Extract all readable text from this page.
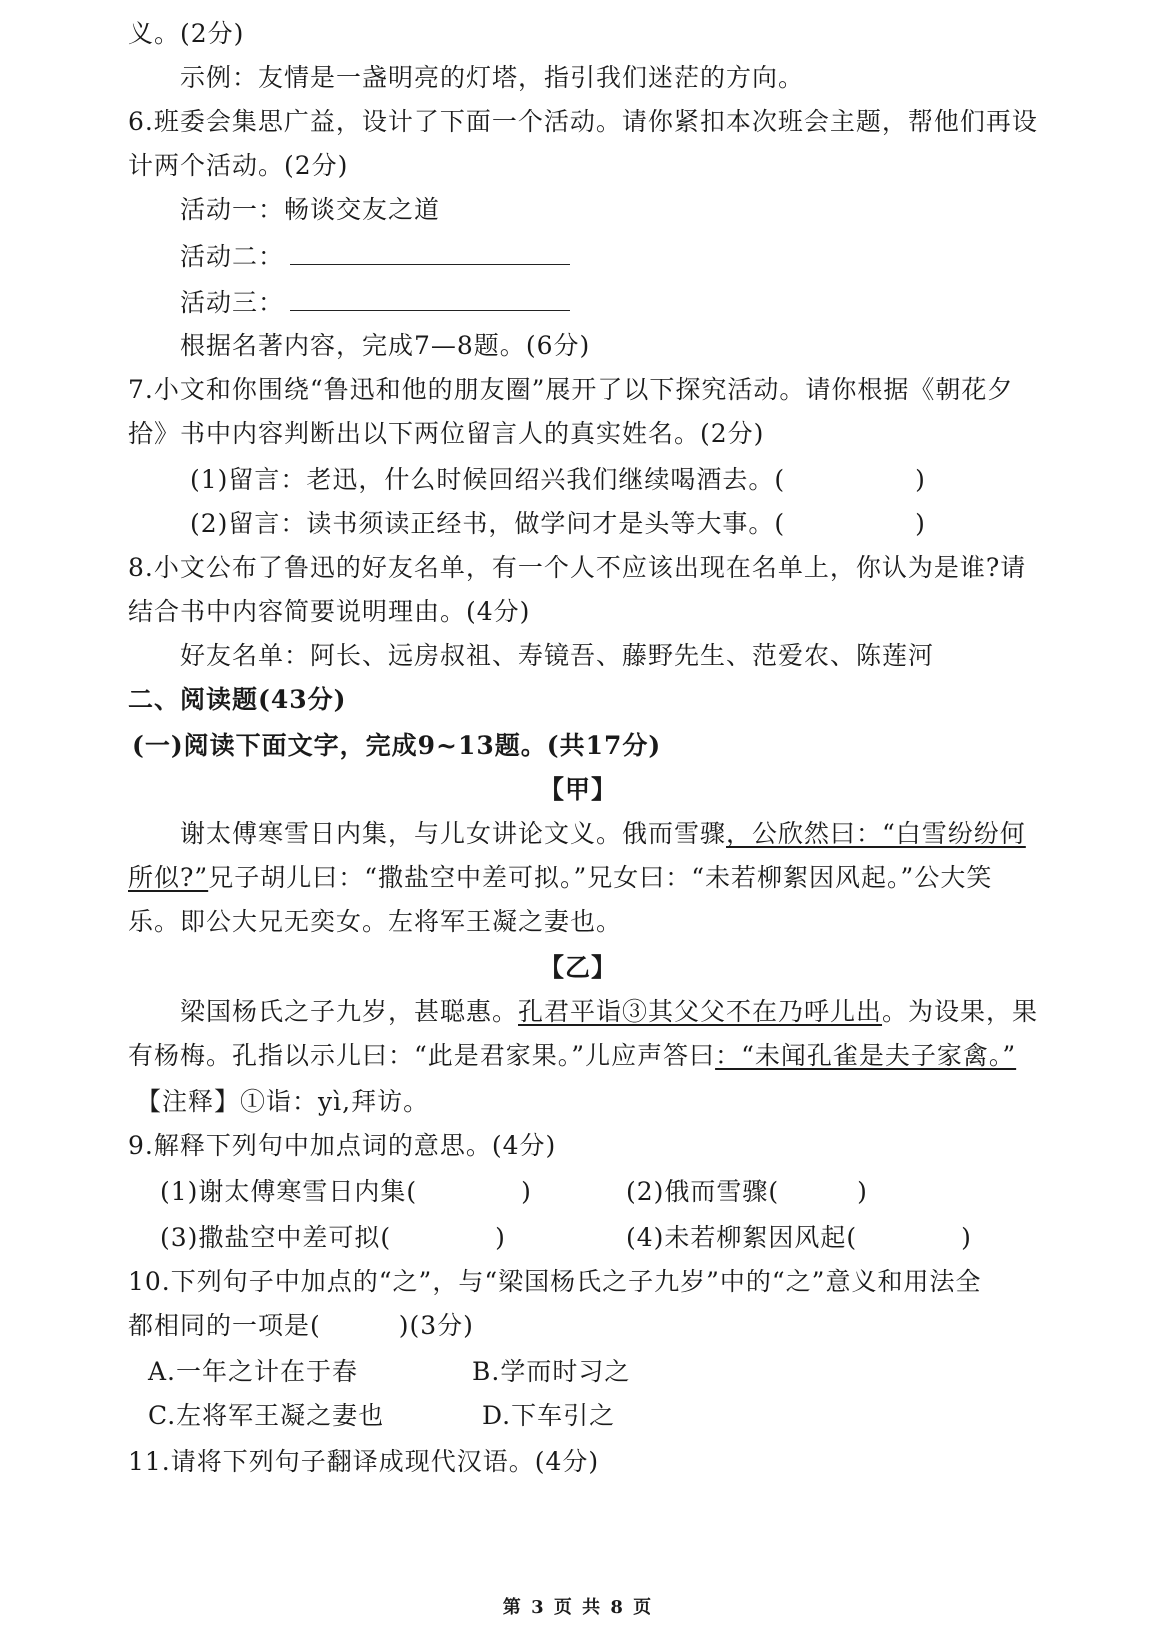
义。(2分)
示例：友情是一盏明亮的灯塔，指引我们迷茫的方向。
6.班委会集思广益，设计了下面一个活动。请你紧扣本次班会主题，帮他们再设
计两个活动。(2分)
活动一：畅谈交友之道
活动二：
活动三：
根据名著内容，完成7—8题。(6分)
7.小文和你围绕“鲁迅和他的朋友圈”展开了以下探究活动。请你根据《朝花夕
拾》书中内容判断出以下两位留言人的真实姓名。(2分)
(1)留言：老迅，什么时候回绍兴我们继续喝酒去。(　　　　　)
(2)留言：读书须读正经书，做学问才是头等大事。(　　　　　)
8.小文公布了鲁迅的好友名单，有一个人不应该出现在名单上，你认为是谁?请
结合书中内容简要说明理由。(4分)
好友名单：阿长、远房叔祖、寿镜吾、藤野先生、范爱农、陈莲河
二、阅读题(43分)
(一)阅读下面文字，完成9~13题。(共17分)
【甲】
谢太傅寒雪日内集，与儿女讲论文义。俄而雪骤，公欣然曰：“白雪纷纷何
所似?”兄子胡儿曰：“撒盐空中差可拟。”兄女曰：“未若柳絮因风起。”公大笑
乐。即公大兄无奕女。左将军王凝之妻也。
【乙】
梁国杨氏之子九岁，甚聪惠。孔君平诣③其父父不在乃呼儿出。为设果，果
有杨梅。孔指以示儿曰：“此是君家果。”儿应声答曰：“未闻孔雀是夫子家禽。”
【注释】①诣：yì,拜访。
9.解释下列句中加点词的意思。(4分)
(1)谢太傅寒雪日内集(　　　　)	(2)俄而雪骤(　　　)
(3)撒盐空中差可拟(　　　　)	(4)未若柳絮因风起(　　　　)
10.下列句子中加点的“之”，与“梁国杨氏之子九岁”中的“之”意义和用法全
都相同的一项是(　　　)(3分)
A.一年之计在于春	B.学而时习之
C.左将军王凝之妻也	D.下车引之
11.请将下列句子翻译成现代汉语。(4分)
第 3 页 共 8 页
